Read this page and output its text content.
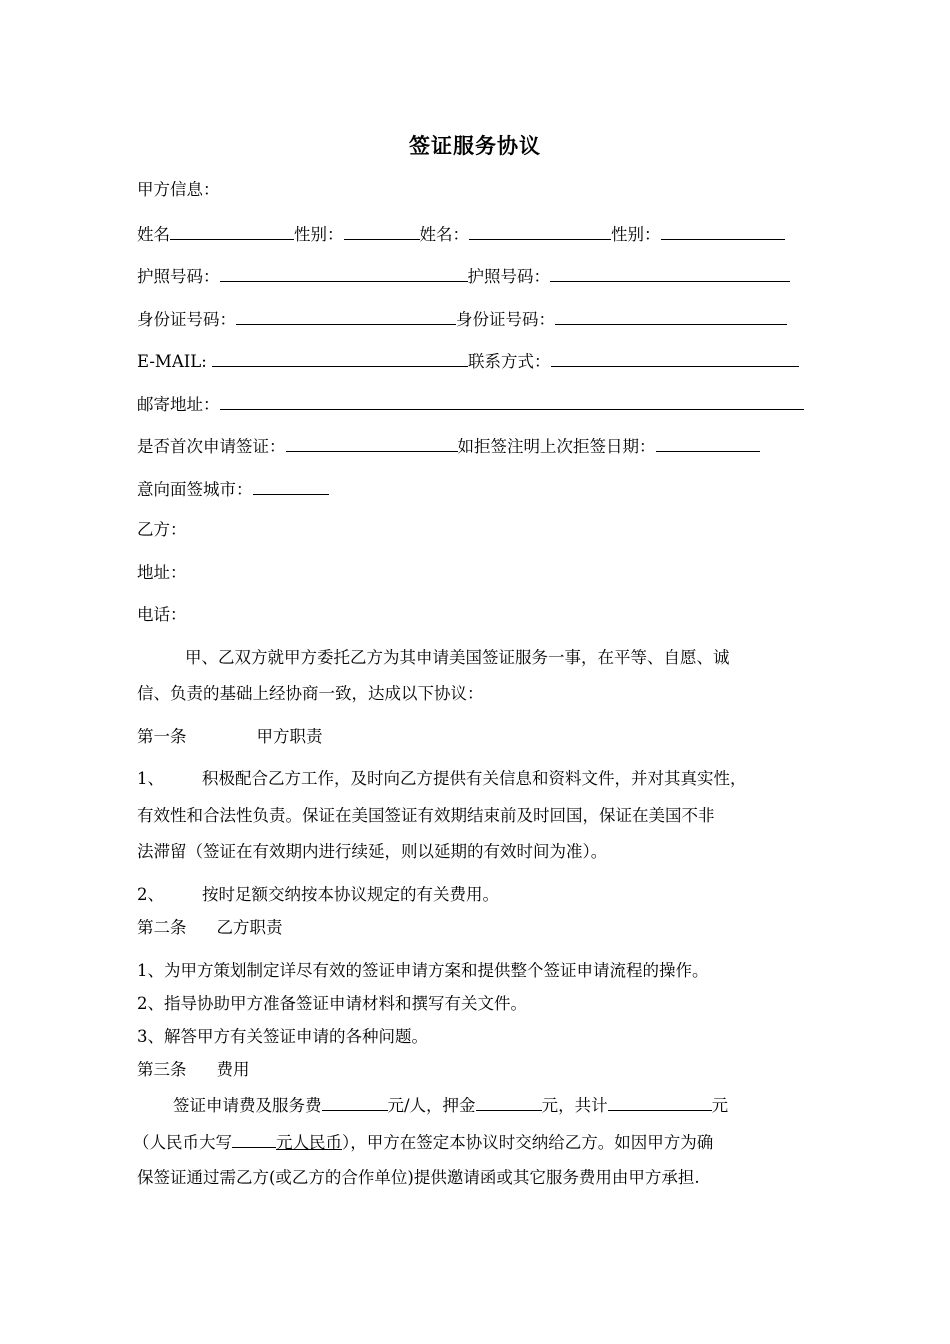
签证服务协议
甲方信息：
姓名	性别：	姓名：	性别：
护照号码：	护照号码：
身份证号码：	身份证号码：
E-MAIL:	联系方式：
邮寄地址：
是否首次申请签证：	如拒签注明上次拒签日期：
意向面签城市：
乙方：
地址：
电话：
甲、乙双方就甲方委托乙方为其申请美国签证服务一事，在平等、自愿、诚
信、负责的基础上经协商一致，达成以下协议：
第一条	甲方职责
1、 积极配合乙方工作，及时向乙方提供有关信息和资料文件，并对其真实性，
有效性和合法性负责。保证在美国签证有效期结束前及时回国，保证在美国不非
法滞留（签证在有效期内进行续延，则以延期的有效时间为准）。
2、 按时足额交纳按本协议规定的有关费用。
第二条 乙方职责
1、为甲方策划制定详尽有效的签证申请方案和提供整个签证申请流程的操作。
2、指导协助甲方准备签证申请材料和撰写有关文件。
3、解答甲方有关签证申请的各种问题。
第三条 费用
签证申请费及服务费	元/人，押金	元，共计	元
（人民币大写	元人民币），甲方在签定本协议时交纳给乙方。如因甲方为确
保签证通过需乙方(或乙方的合作单位)提供邀请函或其它服务费用由甲方承担.
